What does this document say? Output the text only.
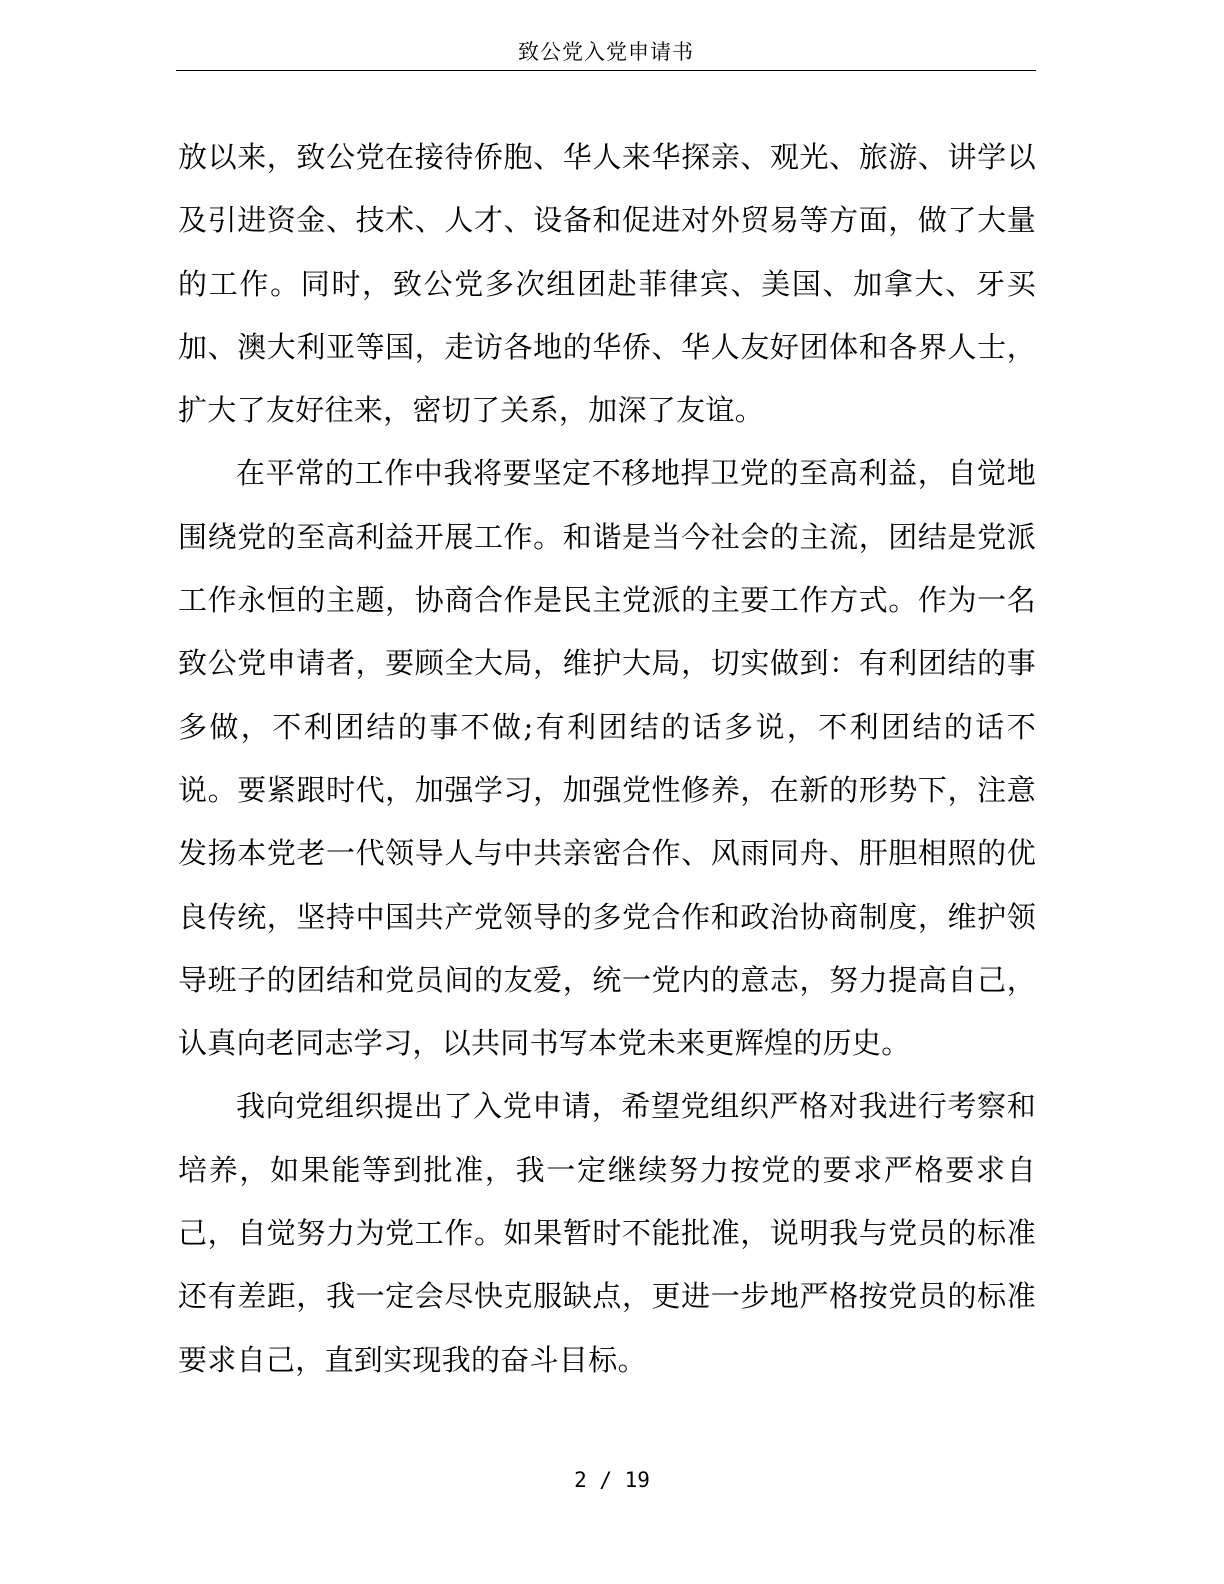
致公党入党申请书

放以来，致公党在接待侨胞、华人来华探亲、观光、旅游、讲学以及引进资金、技术、人才、设备和促进对外贸易等方面，做了大量的工作。同时，致公党多次组团赴菲律宾、美国、加拿大、牙买加、澳大利亚等国，走访各地的华侨、华人友好团体和各界人士，扩大了友好往来，密切了关系，加深了友谊。

在平常的工作中我将要坚定不移地捍卫党的至高利益，自觉地围绕党的至高利益开展工作。和谐是当今社会的主流，团结是党派工作永恒的主题，协商合作是民主党派的主要工作方式。作为一名致公党申请者，要顾全大局，维护大局，切实做到：有利团结的事多做，不利团结的事不做;有利团结的话多说，不利团结的话不说。要紧跟时代，加强学习，加强党性修养，在新的形势下，注意发扬本党老一代领导人与中共亲密合作、风雨同舟、肝胆相照的优良传统，坚持中国共产党领导的多党合作和政治协商制度，维护领导班子的团结和党员间的友爱，统一党内的意志，努力提高自己，认真向老同志学习，以共同书写本党未来更辉煌的历史。

我向党组织提出了入党申请，希望党组织严格对我进行考察和培养，如果能等到批准，我一定继续努力按党的要求严格要求自己，自觉努力为党工作。如果暂时不能批准，说明我与党员的标准还有差距，我一定会尽快克服缺点，更进一步地严格按党员的标准要求自己，直到实现我的奋斗目标。

2 / 19
